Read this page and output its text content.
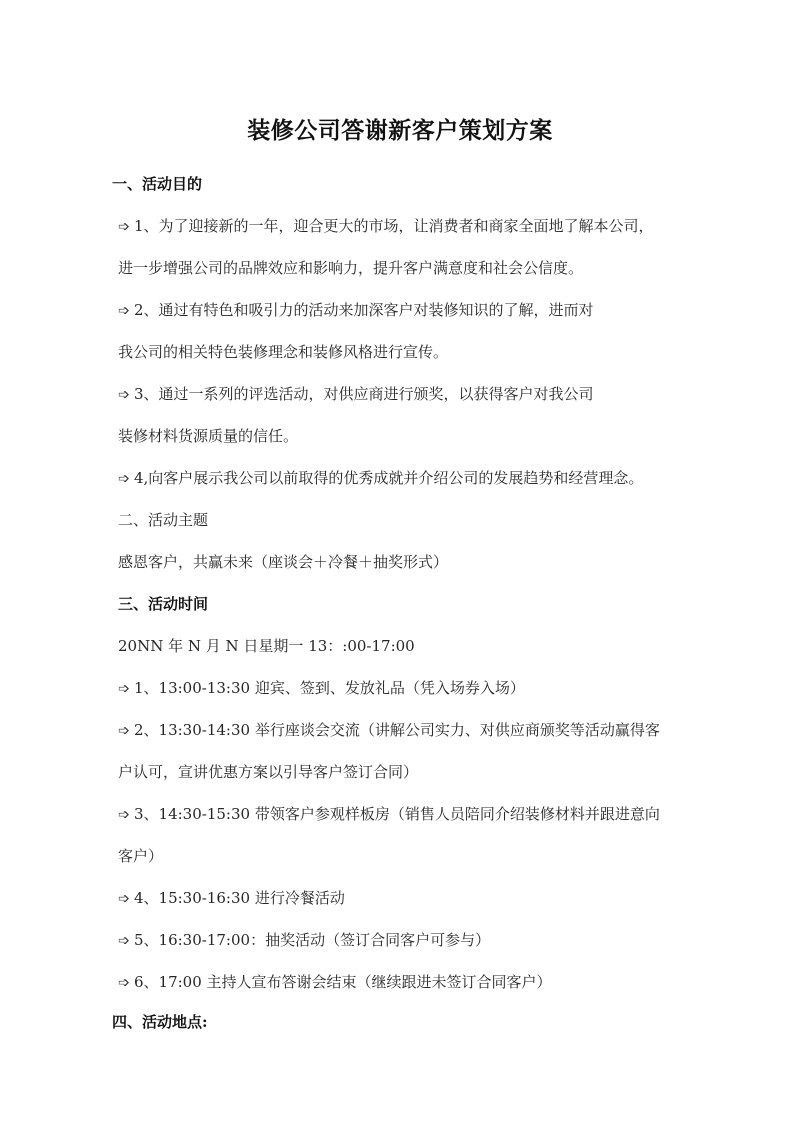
装修公司答谢新客户策划方案
一、活动目的
➩ 1、为了迎接新的一年，迎合更大的市场，让消费者和商家全面地了解本公司，
进一步增强公司的品牌效应和影响力，提升客户满意度和社会公信度。
➩ 2、通过有特色和吸引力的活动来加深客户对装修知识的了解，进而对
我公司的相关特色装修理念和装修风格进行宣传。
➩ 3、通过一系列的评选活动，对供应商进行颁奖，以获得客户对我公司
装修材料货源质量的信任。
➩ 4,向客户展示我公司以前取得的优秀成就并介绍公司的发展趋势和经营理念。
二、活动主题
感恩客户，共赢未来（座谈会＋冷餐＋抽奖形式）
三、活动时间
20NN 年 N 月 N 日星期一 13：:00-17:00
➩ 1、13:00-13:30 迎宾、签到、发放礼品（凭入场券入场）
➩ 2、13:30-14:30 举行座谈会交流（讲解公司实力、对供应商颁奖等活动赢得客
户认可，宣讲优惠方案以引导客户签订合同）
➩ 3、14:30-15:30 带领客户参观样板房（销售人员陪同介绍装修材料并跟进意向
客户）
➩ 4、15:30-16:30 进行冷餐活动
➩ 5、16:30-17:00：抽奖活动（签订合同客户可参与）
➩ 6、17:00 主持人宣布答谢会结束（继续跟进未签订合同客户）
四、活动地点:
